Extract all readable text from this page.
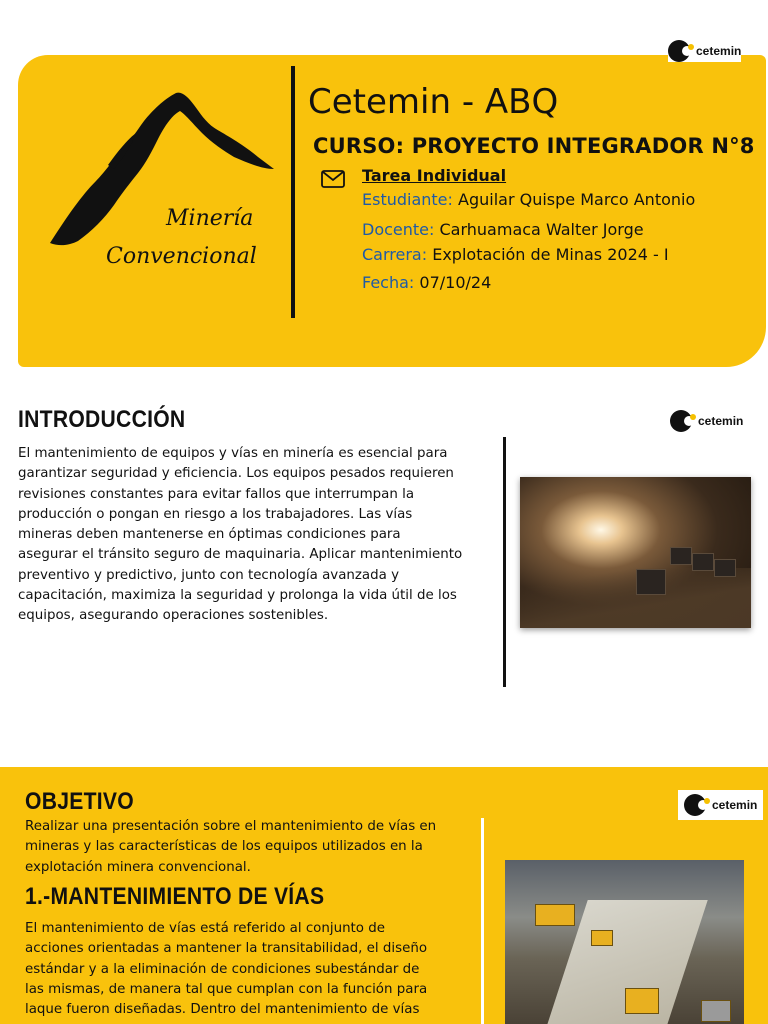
cetemin
Minería
Convencional
Cetemin - ABQ
CURSO: PROYECTO INTEGRADOR N°8
Tarea Individual
Estudiante: Aguilar Quispe Marco Antonio
Docente: Carhuamaca Walter Jorge
Carrera: Explotación de Minas 2024 - I
Fecha: 07/10/24
INTRODUCCIÓN	cetemin
El mantenimiento de equipos y vías en minería es esencial para
garantizar seguridad y eficiencia. Los equipos pesados requieren
revisiones constantes para evitar fallos que interrumpan la
producción o pongan en riesgo a los trabajadores. Las vías
mineras deben mantenerse en óptimas condiciones para
asegurar el tránsito seguro de maquinaria. Aplicar mantenimiento
preventivo y predictivo, junto con tecnología avanzada y
capacitación, maximiza la seguridad y prolonga la vida útil de los
equipos, asegurando operaciones sostenibles.
OBJETIVO	cetemin
Realizar una presentación sobre el mantenimiento de vías en
mineras y las características de los equipos utilizados en la
explotación minera convencional.
1.-MANTENIMIENTO DE VÍAS
El mantenimiento de vías está referido al conjunto de
acciones orientadas a mantener la transitabilidad, el diseño
estándar y a la eliminación de condiciones subestándar de
las mismas, de manera tal que cumplan con la función para
laque fueron diseñadas. Dentro del mantenimiento de vías
